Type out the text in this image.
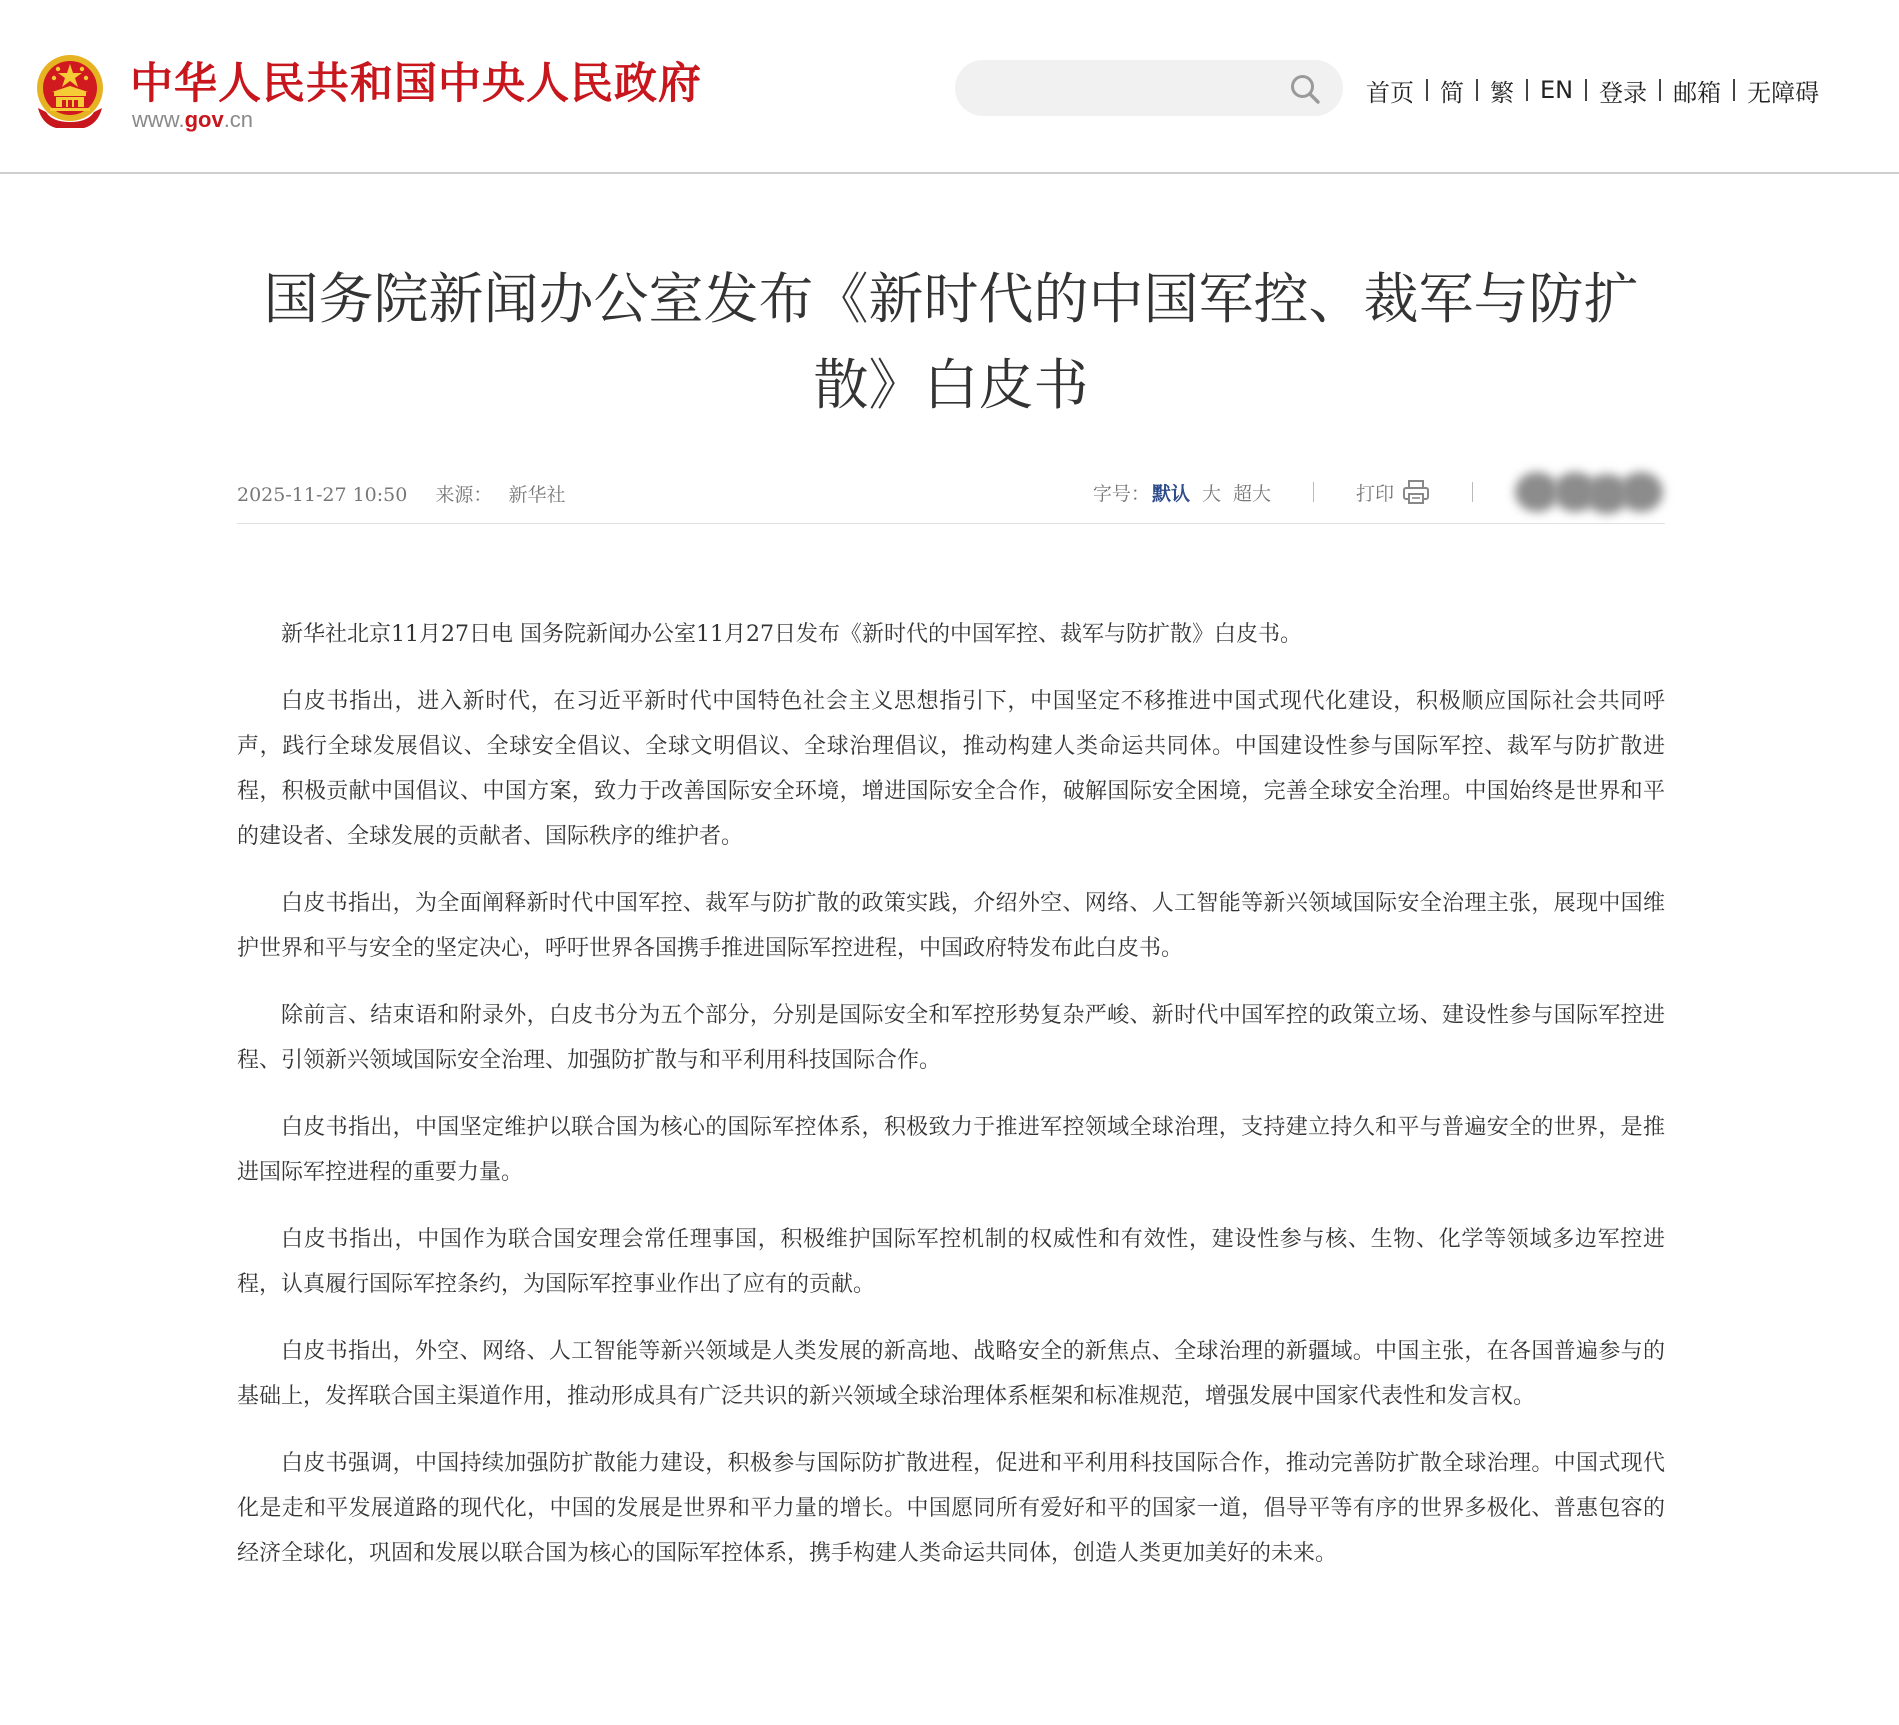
中华人民共和国中央人民政府
www.gov.cn
首页 简 繁 EN 登录 邮箱 无障碍
国务院新闻办公室发布《新时代的中国军控、裁军与防扩散》白皮书
2025-11-27 10:50 来源： 新华社	字号： 默认 大 超大	打印

新华社北京11月27日电 国务院新闻办公室11月27日发布《新时代的中国军控、裁军与防扩散》白皮书。

白皮书指出，进入新时代，在习近平新时代中国特色社会主义思想指引下，中国坚定不移推进中国式现代化建设，积极顺应国际社会共同呼声，践行全球发展倡议、全球安全倡议、全球文明倡议、全球治理倡议，推动构建人类命运共同体。中国建设性参与国际军控、裁军与防扩散进程，积极贡献中国倡议、中国方案，致力于改善国际安全环境，增进国际安全合作，破解国际安全困境，完善全球安全治理。中国始终是世界和平的建设者、全球发展的贡献者、国际秩序的维护者。

白皮书指出，为全面阐释新时代中国军控、裁军与防扩散的政策实践，介绍外空、网络、人工智能等新兴领域国际安全治理主张，展现中国维护世界和平与安全的坚定决心，呼吁世界各国携手推进国际军控进程，中国政府特发布此白皮书。

除前言、结束语和附录外，白皮书分为五个部分，分别是国际安全和军控形势复杂严峻、新时代中国军控的政策立场、建设性参与国际军控进程、引领新兴领域国际安全治理、加强防扩散与和平利用科技国际合作。

白皮书指出，中国坚定维护以联合国为核心的国际军控体系，积极致力于推进军控领域全球治理，支持建立持久和平与普遍安全的世界，是推进国际军控进程的重要力量。

白皮书指出，中国作为联合国安理会常任理事国，积极维护国际军控机制的权威性和有效性，建设性参与核、生物、化学等领域多边军控进程，认真履行国际军控条约，为国际军控事业作出了应有的贡献。

白皮书指出，外空、网络、人工智能等新兴领域是人类发展的新高地、战略安全的新焦点、全球治理的新疆域。中国主张，在各国普遍参与的基础上，发挥联合国主渠道作用，推动形成具有广泛共识的新兴领域全球治理体系框架和标准规范，增强发展中国家代表性和发言权。

白皮书强调，中国持续加强防扩散能力建设，积极参与国际防扩散进程，促进和平利用科技国际合作，推动完善防扩散全球治理。中国式现代化是走和平发展道路的现代化，中国的发展是世界和平力量的增长。中国愿同所有爱好和平的国家一道，倡导平等有序的世界多极化、普惠包容的经济全球化，巩固和发展以联合国为核心的国际军控体系，携手构建人类命运共同体，创造人类更加美好的未来。
